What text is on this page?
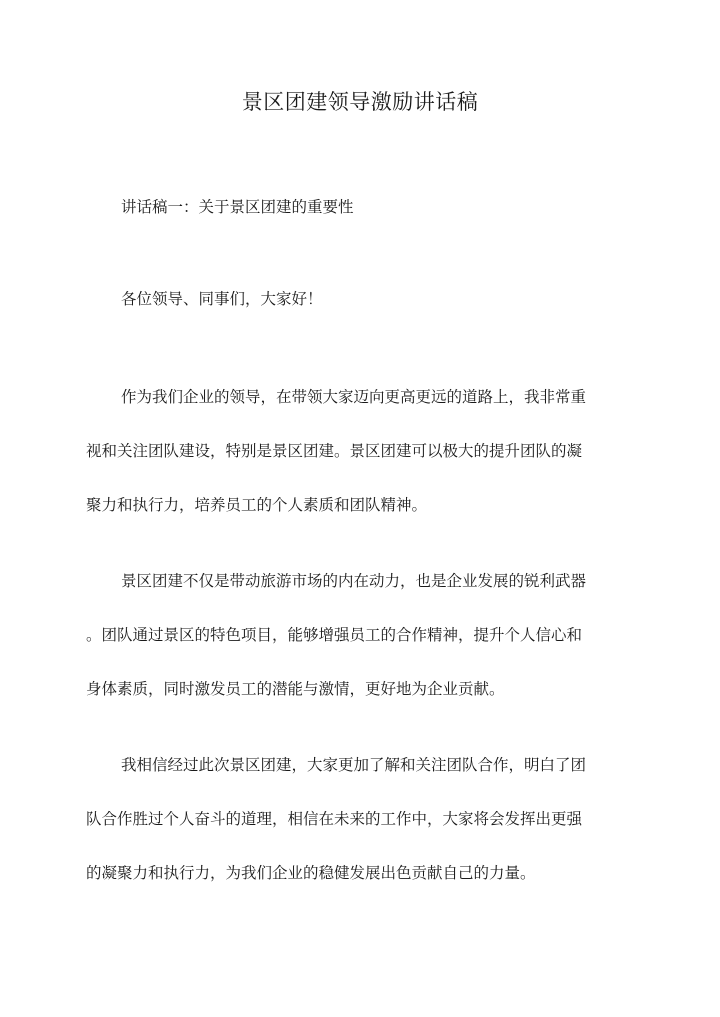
景区团建领导激励讲话稿
讲话稿一：关于景区团建的重要性
各位领导、同事们，大家好！
作为我们企业的领导，在带领大家迈向更高更远的道路上，我非常重
视和关注团队建设，特别是景区团建。景区团建可以极大的提升团队的凝
聚力和执行力，培养员工的个人素质和团队精神。
景区团建不仅是带动旅游市场的内在动力，也是企业发展的锐利武器
。团队通过景区的特色项目，能够增强员工的合作精神，提升个人信心和
身体素质，同时激发员工的潜能与激情，更好地为企业贡献。
我相信经过此次景区团建，大家更加了解和关注团队合作，明白了团
队合作胜过个人奋斗的道理，相信在未来的工作中，大家将会发挥出更强
的凝聚力和执行力，为我们企业的稳健发展出色贡献自己的力量。
